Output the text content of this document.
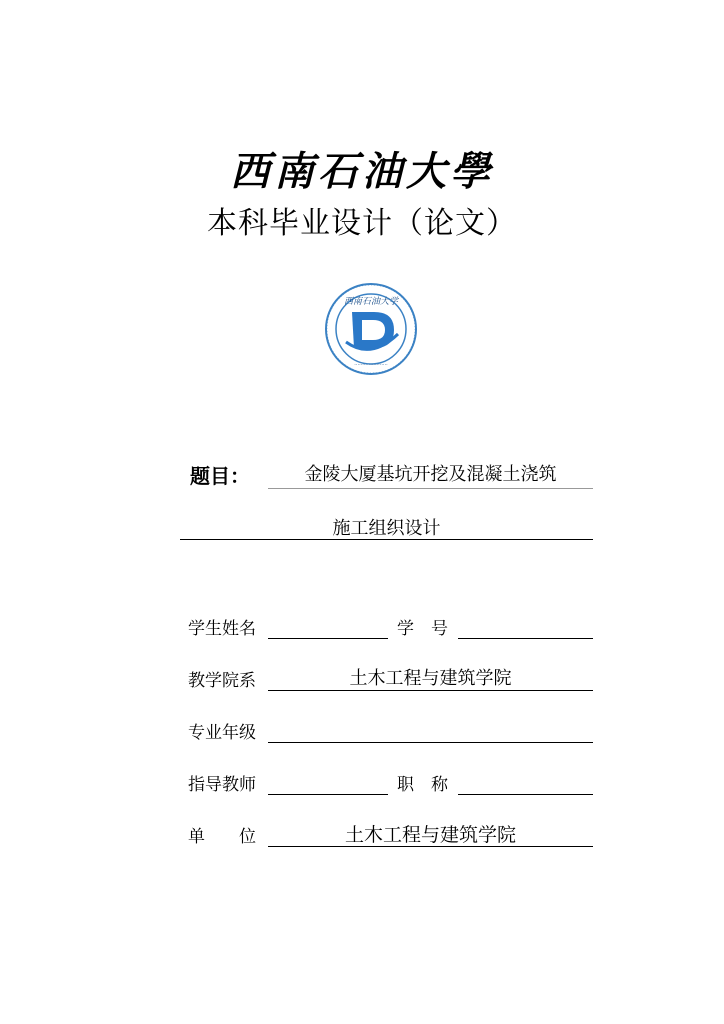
西南石油大學
本科毕业设计（论文）
西南石油大学
·····················
题目：	金陵大厦基坑开挖及混凝土浇筑
施工组织设计
学生姓名	学　号
教学院系	土木工程与建筑学院
专业年级
指导教师	职　称
单　　位	土木工程与建筑学院
